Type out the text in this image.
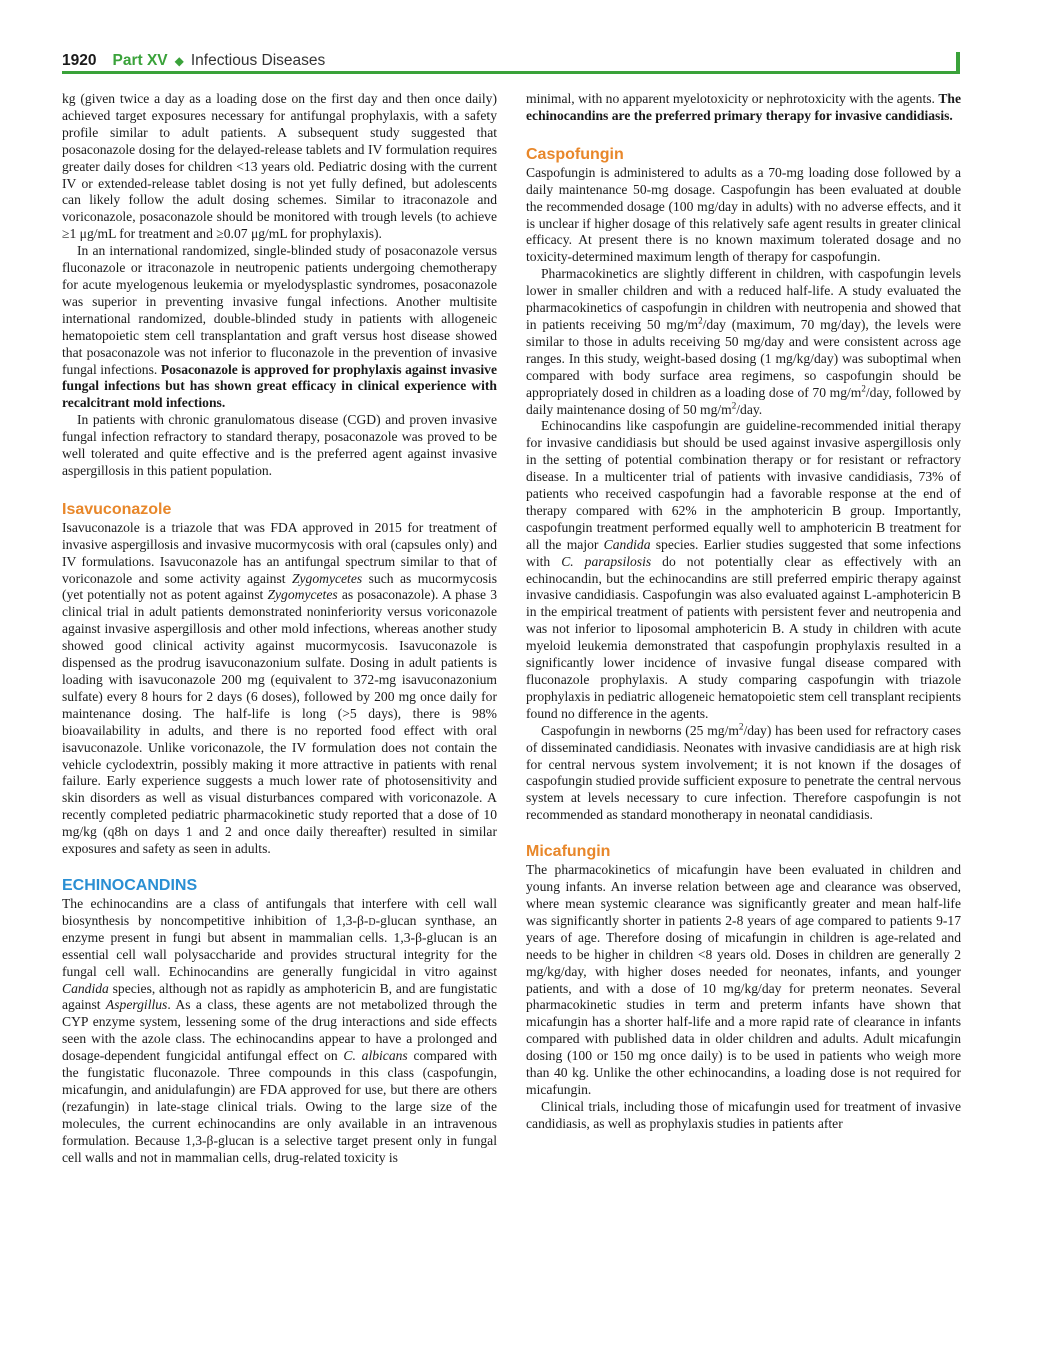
1920 Part XV ◆ Infectious Diseases

kg (given twice a day as a loading dose on the first day and then once daily) achieved target exposures necessary for antifungal prophylaxis, with a safety profile similar to adult patients. A subsequent study suggested that posaconazole dosing for the delayed-release tablets and IV formulation requires greater daily doses for children <13 years old. Pediatric dosing with the current IV or extended-release tablet dosing is not yet fully defined, but adolescents can likely follow the adult dosing schemes. Similar to itraconazole and voriconazole, posaconazole should be monitored with trough levels (to achieve ≥1 μg/mL for treatment and ≥0.07 μg/mL for prophylaxis).

In an international randomized, single-blinded study of posaconazole versus fluconazole or itraconazole in neutropenic patients undergoing chemotherapy for acute myelogenous leukemia or myelodysplastic syndromes, posaconazole was superior in preventing invasive fungal infections. Another multisite international randomized, double-blinded study in patients with allogeneic hematopoietic stem cell transplantation and graft versus host disease showed that posaconazole was not inferior to fluconazole in the prevention of invasive fungal infections. Posaconazole is approved for prophylaxis against invasive fungal infections but has shown great efficacy in clinical experience with recalcitrant mold infections.

In patients with chronic granulomatous disease (CGD) and proven invasive fungal infection refractory to standard therapy, posaconazole was proved to be well tolerated and quite effective and is the preferred agent against invasive aspergillosis in this patient population.

Isavuconazole

Isavuconazole is a triazole that was FDA approved in 2015 for treatment of invasive aspergillosis and invasive mucormycosis with oral (capsules only) and IV formulations. Isavuconazole has an antifungal spectrum similar to that of voriconazole and some activity against Zygomycetes such as mucormycosis (yet potentially not as potent against Zygomycetes as posaconazole). A phase 3 clinical trial in adult patients demonstrated noninferiority versus voriconazole against invasive aspergillosis and other mold infections, whereas another study showed good clinical activity against mucormycosis. Isavuconazole is dispensed as the prodrug isavuconazonium sulfate. Dosing in adult patients is loading with isavuconazole 200 mg (equivalent to 372-mg isavuconazonium sulfate) every 8 hours for 2 days (6 doses), followed by 200 mg once daily for maintenance dosing. The half-life is long (>5 days), there is 98% bioavailability in adults, and there is no reported food effect with oral isavuconazole. Unlike voriconazole, the IV formulation does not contain the vehicle cyclodextrin, possibly making it more attractive in patients with renal failure. Early experience suggests a much lower rate of photosensitivity and skin disorders as well as visual disturbances compared with voriconazole. A recently completed pediatric pharmacokinetic study reported that a dose of 10 mg/kg (q8h on days 1 and 2 and once daily thereafter) resulted in similar exposures and safety as seen in adults.

ECHINOCANDINS

The echinocandins are a class of antifungals that interfere with cell wall biosynthesis by noncompetitive inhibition of 1,3-β-d-glucan synthase, an enzyme present in fungi but absent in mammalian cells. 1,3-β-glucan is an essential cell wall polysaccharide and provides structural integrity for the fungal cell wall. Echinocandins are generally fungicidal in vitro against Candida species, although not as rapidly as amphotericin B, and are fungistatic against Aspergillus. As a class, these agents are not metabolized through the CYP enzyme system, lessening some of the drug interactions and side effects seen with the azole class. The echinocandins appear to have a prolonged and dosage-dependent fungicidal antifungal effect on C. albicans compared with the fungistatic fluconazole. Three compounds in this class (caspofungin, micafungin, and anidulafungin) are FDA approved for use, but there are others (rezafungin) in late-stage clinical trials. Owing to the large size of the molecules, the current echinocandins are only available in an intravenous formulation. Because 1,3-β-glucan is a selective target present only in fungal cell walls and not in mammalian cells, drug-related toxicity is

minimal, with no apparent myelotoxicity or nephrotoxicity with the agents. The echinocandins are the preferred primary therapy for invasive candidiasis.

Caspofungin

Caspofungin is administered to adults as a 70-mg loading dose followed by a daily maintenance 50-mg dosage. Caspofungin has been evaluated at double the recommended dosage (100 mg/day in adults) with no adverse effects, and it is unclear if higher dosage of this relatively safe agent results in greater clinical efficacy. At present there is no known maximum tolerated dosage and no toxicity-determined maximum length of therapy for caspofungin.

Pharmacokinetics are slightly different in children, with caspofungin levels lower in smaller children and with a reduced half-life. A study evaluated the pharmacokinetics of caspofungin in children with neutropenia and showed that in patients receiving 50 $mg/m^2$/day (maximum, 70 mg/day), the levels were similar to those in adults receiving 50 mg/day and were consistent across age ranges. In this study, weight-based dosing (1 mg/kg/day) was suboptimal when compared with body surface area regimens, so caspofungin should be appropriately dosed in children as a loading dose of 70 $mg/m^2$/day, followed by daily maintenance dosing of 50 $mg/m^2$/day.

Echinocandins like caspofungin are guideline-recommended initial therapy for invasive candidiasis but should be used against invasive aspergillosis only in the setting of potential combination therapy or for resistant or refractory disease. In a multicenter trial of patients with invasive candidiasis, 73% of patients who received caspofungin had a favorable response at the end of therapy compared with 62% in the amphotericin B group. Importantly, caspofungin treatment performed equally well to amphotericin B treatment for all the major Candida species. Earlier studies suggested that some infections with C. parapsilosis do not potentially clear as effectively with an echinocandin, but the echinocandins are still preferred empiric therapy against invasive candidiasis. Caspofungin was also evaluated against L-amphotericin B in the empirical treatment of patients with persistent fever and neutropenia and was not inferior to liposomal amphotericin B. A study in children with acute myeloid leukemia demonstrated that caspofungin prophylaxis resulted in a significantly lower incidence of invasive fungal disease compared with fluconazole prophylaxis. A study comparing caspofungin with triazole prophylaxis in pediatric allogeneic hematopoietic stem cell transplant recipients found no difference in the agents.

Caspofungin in newborns (25 $mg/m^2/day$) has been used for refractory cases of disseminated candidiasis. Neonates with invasive candidiasis are at high risk for central nervous system involvement; it is not known if the dosages of caspofungin studied provide sufficient exposure to penetrate the central nervous system at levels necessary to cure infection. Therefore caspofungin is not recommended as standard monotherapy in neonatal candidiasis.

Micafungin

The pharmacokinetics of micafungin have been evaluated in children and young infants. An inverse relation between age and clearance was observed, where mean systemic clearance was significantly greater and mean half-life was significantly shorter in patients 2-8 years of age compared to patients 9-17 years of age. Therefore dosing of micafungin in children is age-related and needs to be higher in children <8 years old. Doses in children are generally 2 mg/kg/day, with higher doses needed for neonates, infants, and younger patients, and with a dose of 10 mg/kg/day for preterm neonates. Several pharmacokinetic studies in term and preterm infants have shown that micafungin has a shorter half-life and a more rapid rate of clearance in infants compared with published data in older children and adults. Adult micafungin dosing (100 or 150 mg once daily) is to be used in patients who weigh more than 40 kg. Unlike the other echinocandins, a loading dose is not required for micafungin.

Clinical trials, including those of micafungin used for treatment of invasive candidiasis, as well as prophylaxis studies in patients after
